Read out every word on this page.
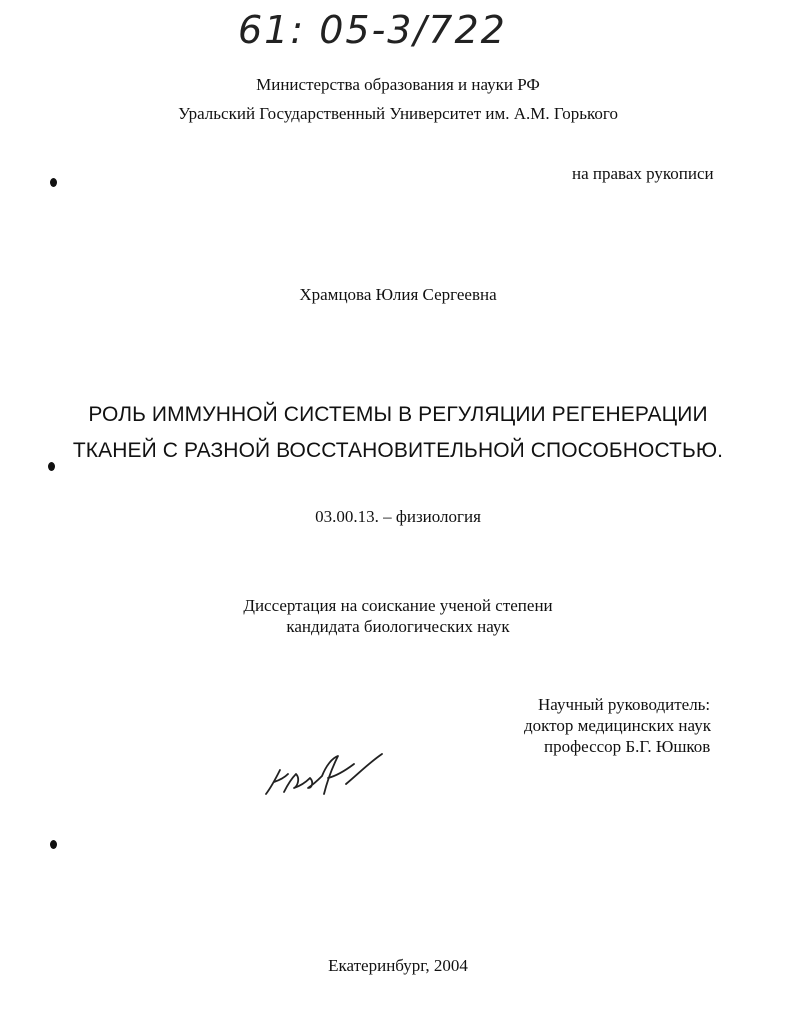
61: 05-3/722
Министерства образования и науки РФ
Уральский Государственный Университет им. А.М. Горького
на правах рукописи
Храмцова Юлия Сергеевна
РОЛЬ ИММУННОЙ СИСТЕМЫ В РЕГУЛЯЦИИ РЕГЕНЕРАЦИИ
ТКАНЕЙ С РАЗНОЙ ВОССТАНОВИТЕЛЬНОЙ СПОСОБНОСТЬЮ.
03.00.13. – физиология
Диссертация на соискание ученой степени
кандидата биологических наук
Научный руководитель:
доктор медицинских наук
профессор Б.Г. Юшков
Екатеринбург, 2004
